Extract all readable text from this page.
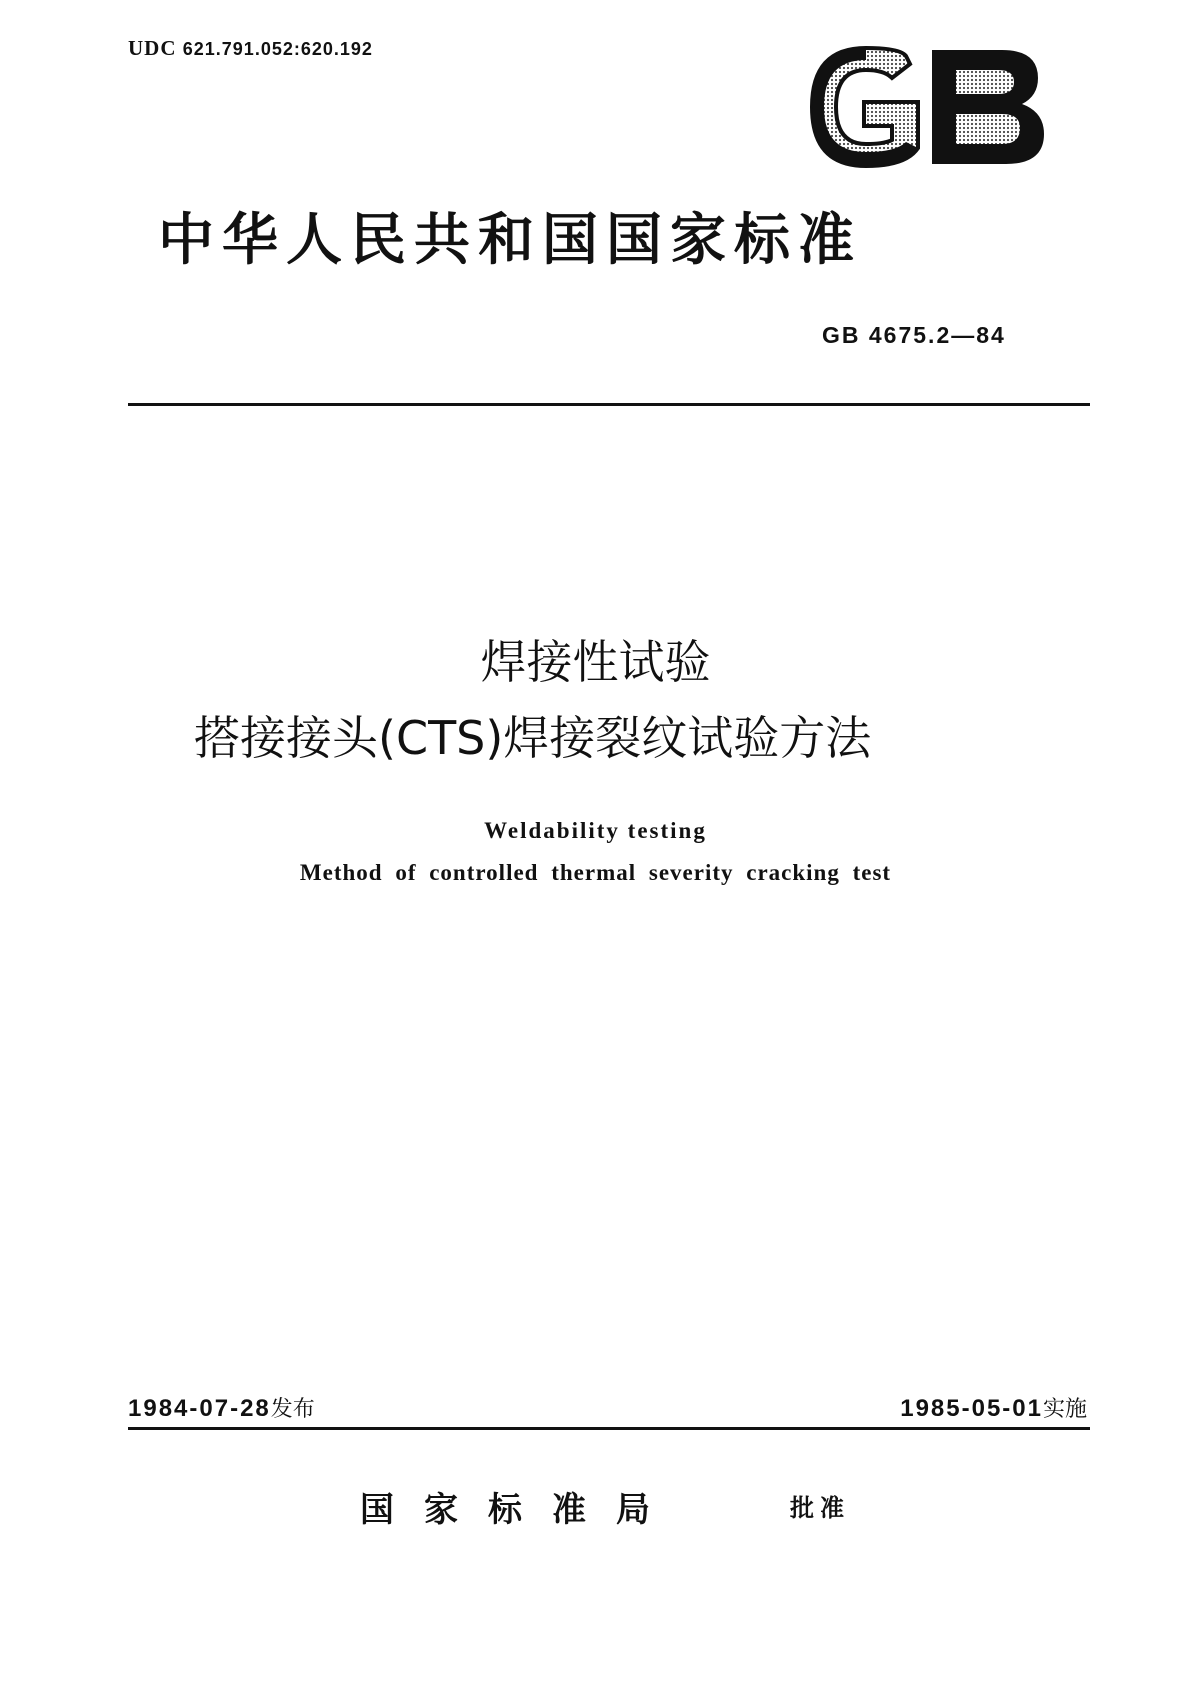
UDC 621.791.052:620.192
中华人民共和国国家标准
GB 4675.2—84
焊接性试验
搭接接头(CTS)焊接裂纹试验方法
Weldability testing
Method of controlled thermal severity cracking test
1984-07-28发布	1985-05-01实施
国家标准局	批准
